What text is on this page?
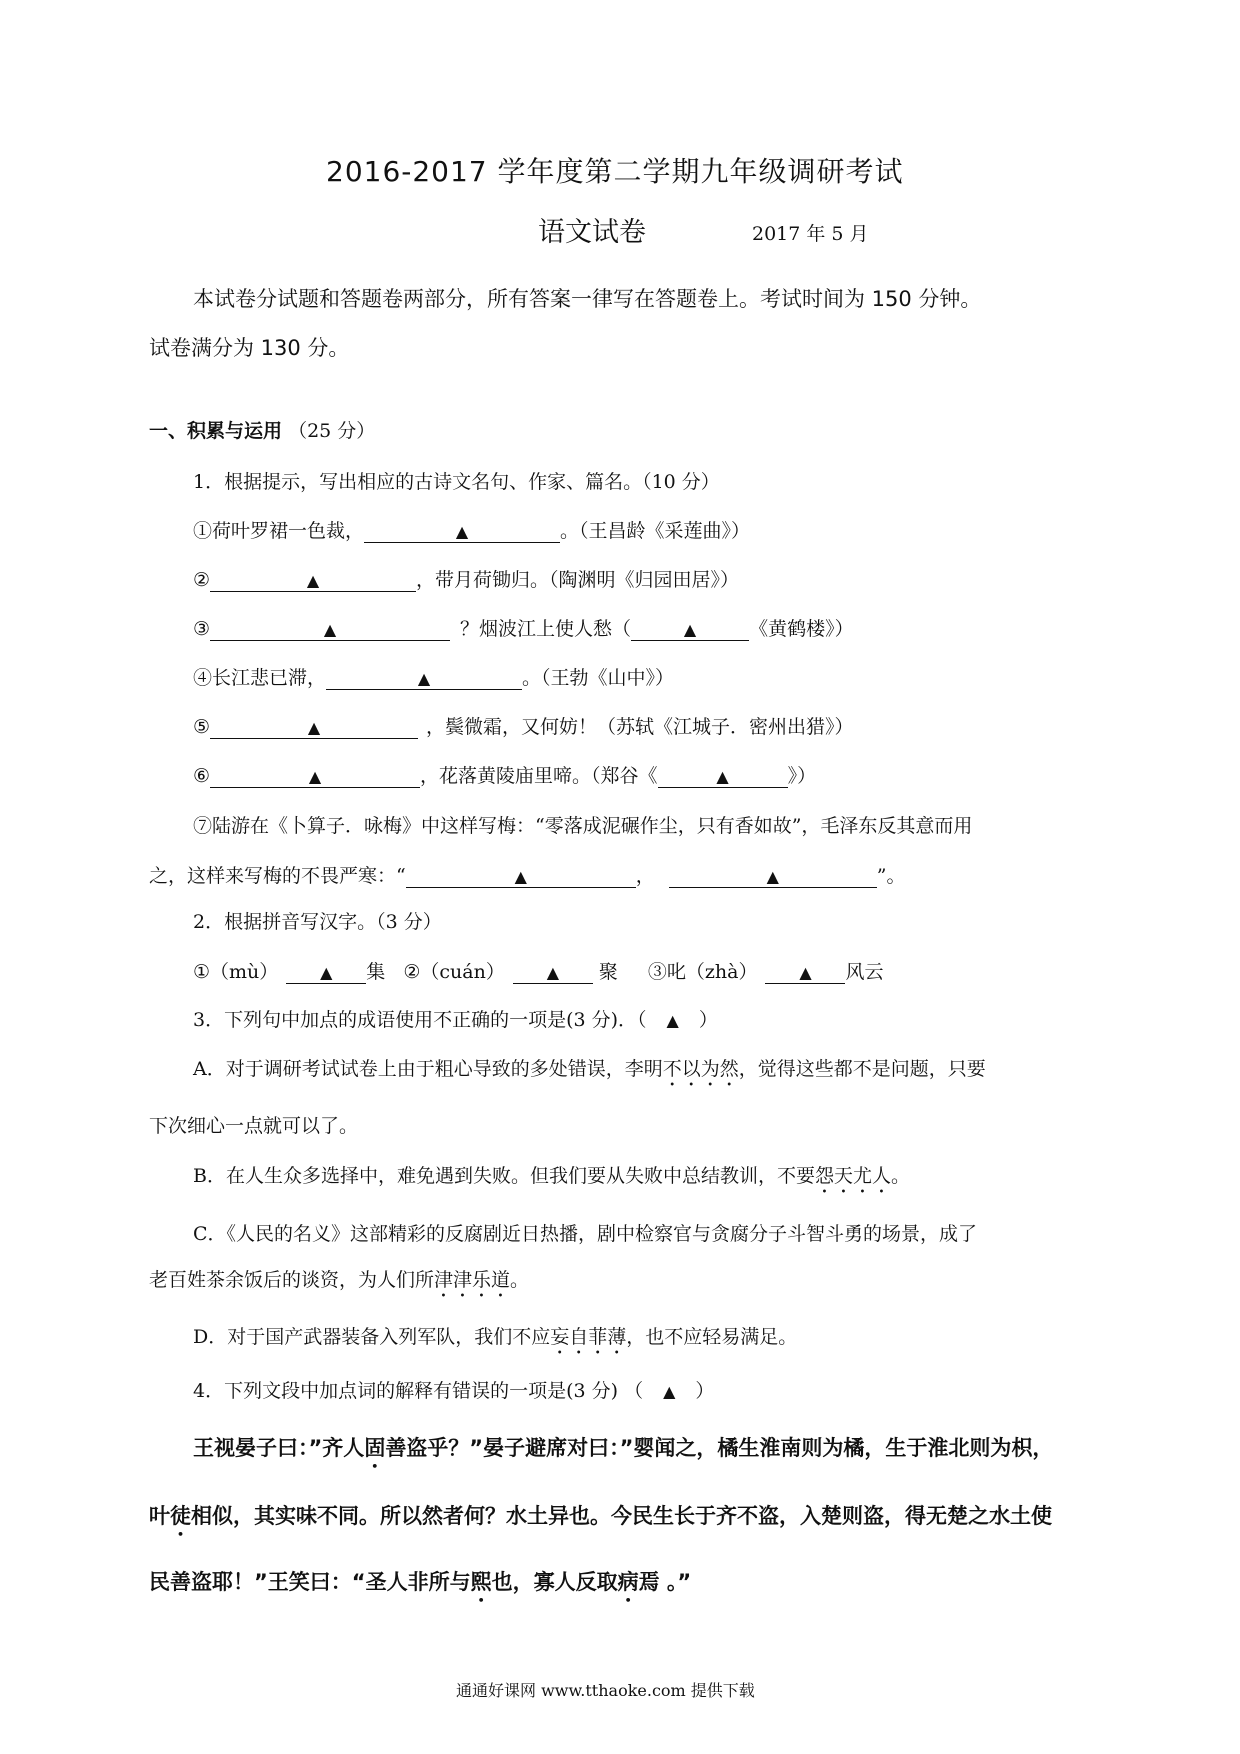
2016-2017 学年度第二学期九年级调研考试
语文试卷	2017 年 5 月
本试卷分试题和答题卷两部分，所有答案一律写在答题卷上。考试时间为 150 分钟。
试卷满分为 130 分。
一、积累与运用 （25 分）
1．根据提示，写出相应的古诗文名句、作家、篇名。（10 分）
①荷叶罗裙一色裁，	▲	。（王昌龄《采莲曲》）
②	▲	，带月荷锄归。（陶渊明《归园田居》）
③	▲	？烟波江上使人愁（	▲	《黄鹤楼》）
④长江悲已滞，	▲	。（王勃《山中》）
⑤	▲	，鬓微霜，又何妨！（苏轼《江城子．密州出猎》）
⑥	▲	，花落黄陵庙里啼。（郑谷《	▲	》）
⑦陆游在《卜算子．咏梅》中这样写梅：“零落成泥碾作尘，只有香如故”，毛泽东反其意而用
之，这样来写梅的不畏严寒：“	▲	，	▲	”。
2．根据拼音写汉字。（3 分）
①（mù）	▲ 集 ②（cuán）	▲ 聚 ③叱（zhà）	▲ 风云
3．下列句中加点的成语使用不正确的一项是(3 分)．（ ▲ ）
A．对于调研考试试卷上由于粗心导致的多处错误，李明不以为然，觉得这些都不是问题，只要
下次细心一点就可以了。
B．在人生众多选择中，难免遇到失败。但我们要从失败中总结教训，不要怨天尤人。
C．《人民的名义》这部精彩的反腐剧近日热播，剧中检察官与贪腐分子斗智斗勇的场景，成了
老百姓茶余饭后的谈资，为人们所津津乐道。
D．对于国产武器装备入列军队，我们不应妄自菲薄，也不应轻易满足。
4．下列文段中加点词的解释有错误的一项是(3 分) （ ▲ ）
王视晏子曰：”齐人固善盗乎？”晏子避席对曰：”婴闻之，橘生淮南则为橘，生于淮北则为枳，
叶徒相似，其实味不同。所以然者何？水土异也。今民生长于齐不盗，入楚则盗，得无楚之水土使
民善盗耶！”王笑曰：“圣人非所与熙也，寡人反取病焉 。”
通通好课网 www.tthaoke.com 提供下载
